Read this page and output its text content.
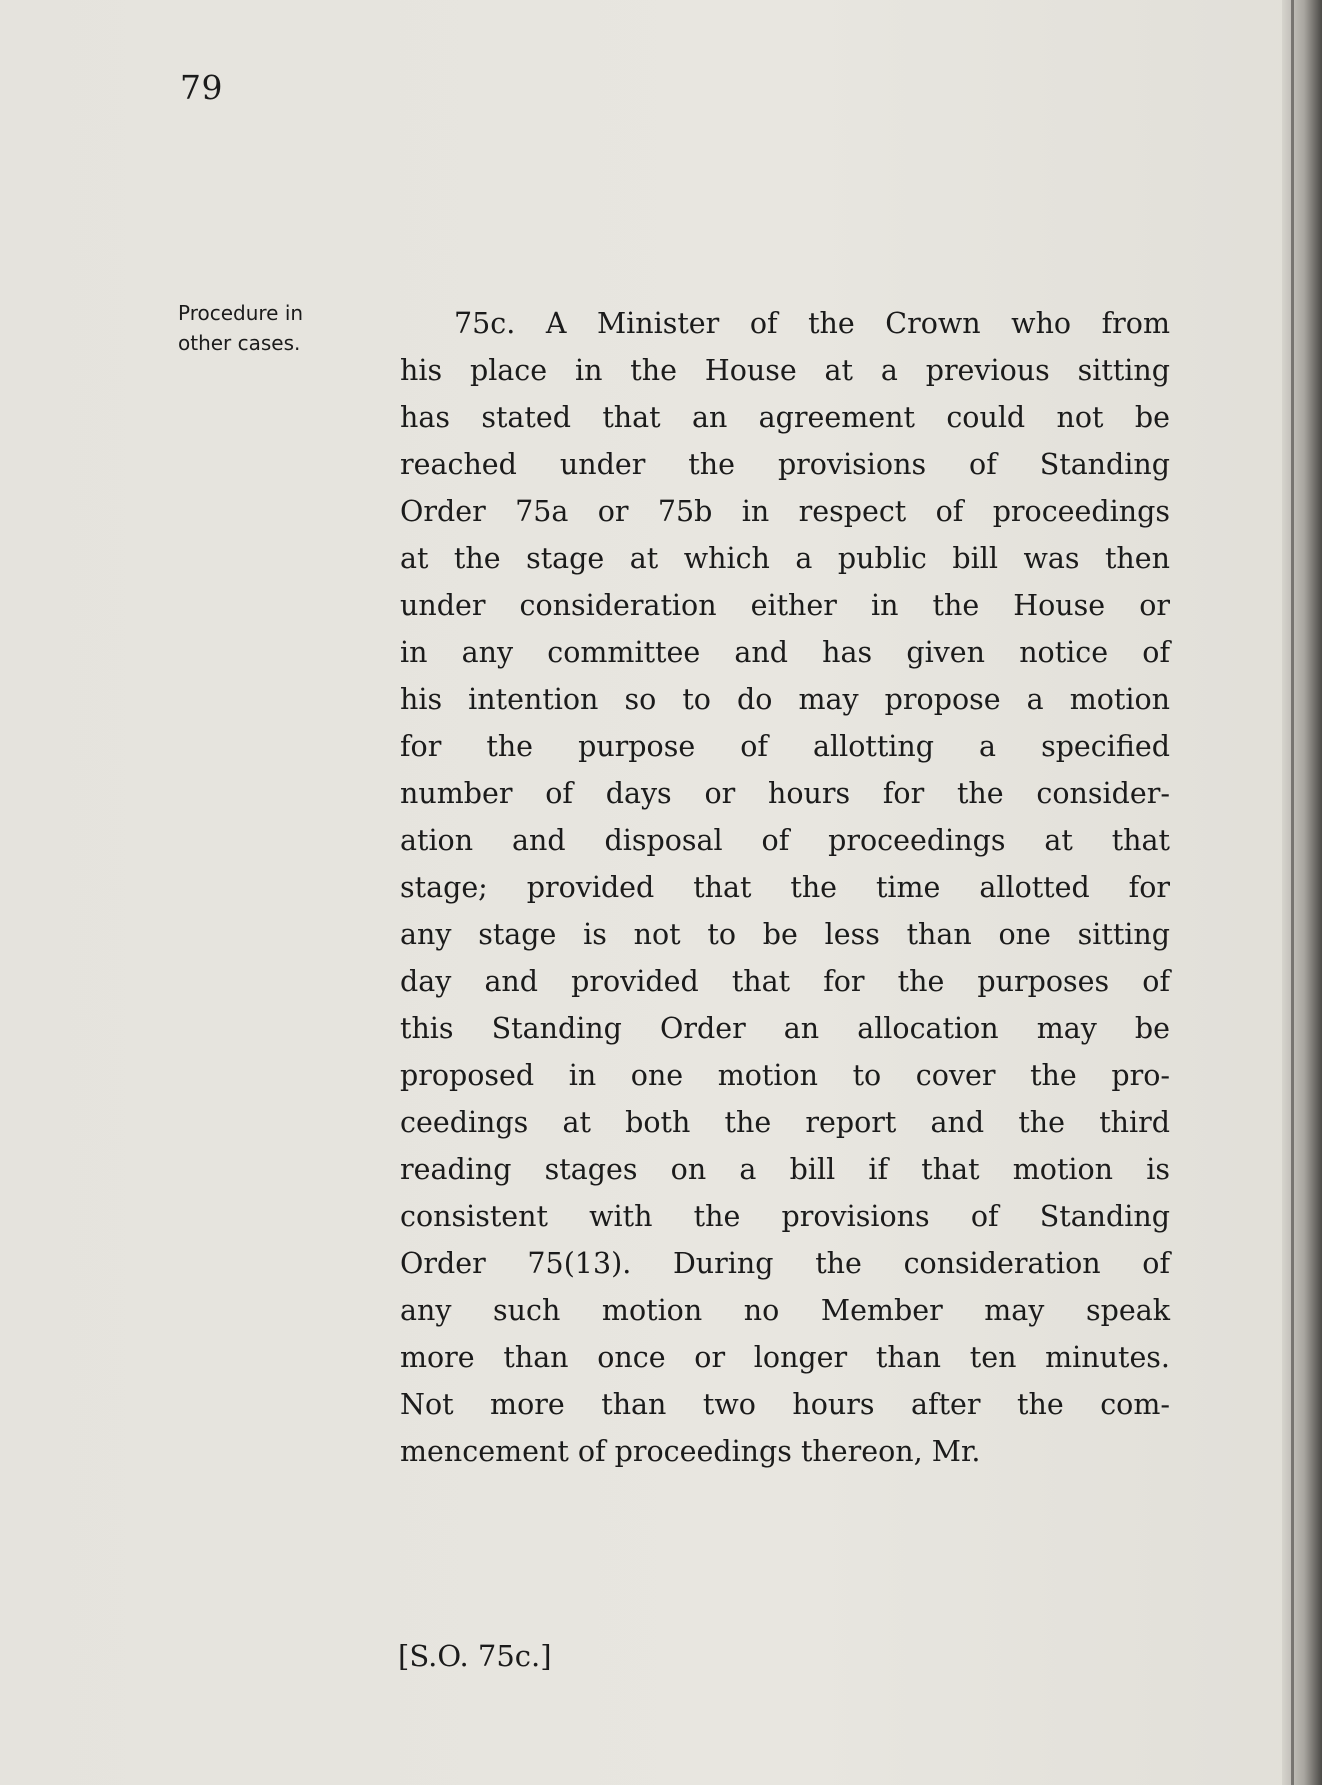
79
Procedure in
other cases.
75c. A Minister of the Crown who from
his place in the House at a previous sitting
has stated that an agreement could not be
reached under the provisions of Standing
Order 75a or 75b in respect of proceedings
at the stage at which a public bill was then
under consideration either in the House or
in any committee and has given notice of
his intention so to do may propose a motion
for the purpose of allotting a specified
number of days or hours for the consider-
ation and disposal of proceedings at that
stage; provided that the time allotted for
any stage is not to be less than one sitting
day and provided that for the purposes of
this Standing Order an allocation may be
proposed in one motion to cover the pro-
ceedings at both the report and the third
reading stages on a bill if that motion is
consistent with the provisions of Standing
Order 75(13). During the consideration of
any such motion no Member may speak
more than once or longer than ten minutes.
Not more than two hours after the com-
mencement of proceedings thereon, Mr.
[S.O. 75c.]
